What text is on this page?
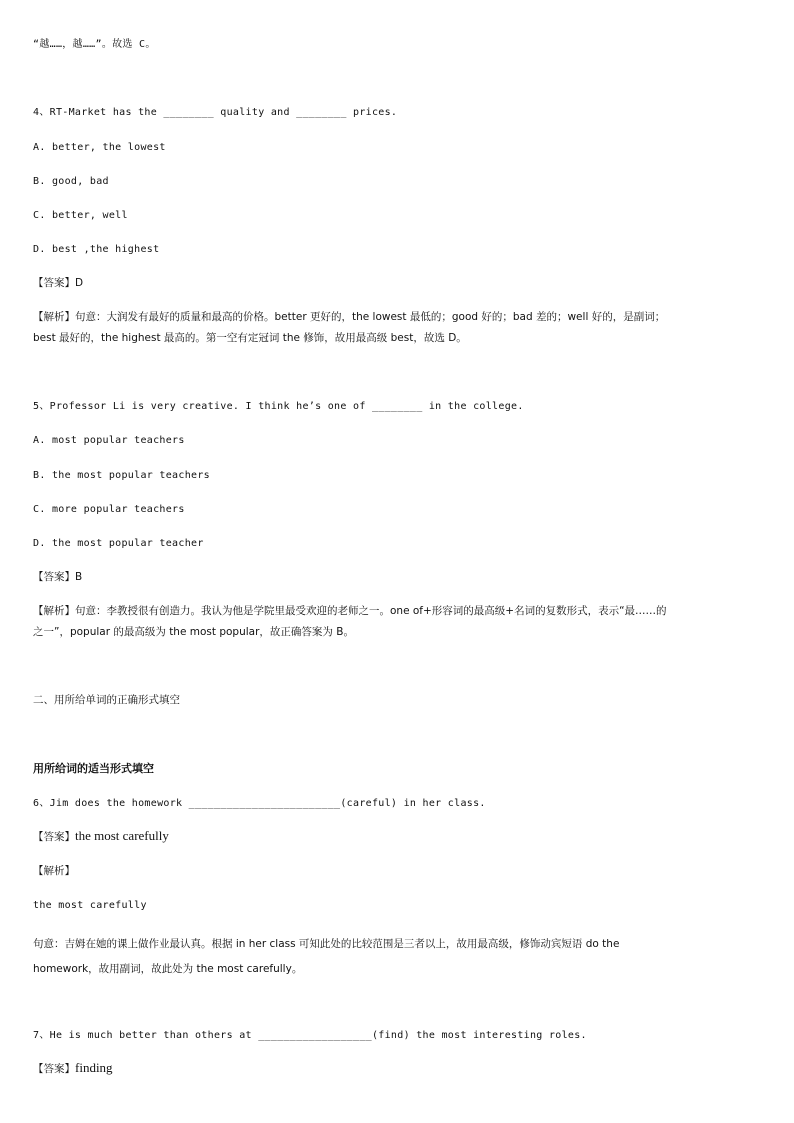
“越……，越……”。故选 C。

4、RT-Market has the ________ quality and ________ prices.

A. better, the lowest

B. good, bad

C. better, well

D. best ,the highest

【答案】D

【解析】句意：大润发有最好的质量和最高的价格。better 更好的，the lowest 最低的；good 好的；bad 差的；well 好的，是副词；

best 最好的，the highest 最高的。第一空有定冠词 the 修饰，故用最高级 best，故选 D。

5、Professor Li is very creative. I think he’s one of ________ in the college.

A. most popular teachers

B. the most popular teachers

C. more popular teachers

D. the most popular teacher

【答案】B

【解析】句意：李教授很有创造力。我认为他是学院里最受欢迎的老师之一。one of+形容词的最高级+名词的复数形式，表示“最……的

之一”，popular 的最高级为 the most popular，故正确答案为 B。

二、用所给单词的正确形式填空

用所给词的适当形式填空

6、Jim does the homework ________________________(careful) in her class.

【答案】the most carefully

【解析】

the most carefully

句意：吉姆在她的课上做作业最认真。根据 in her class 可知此处的比较范围是三者以上，故用最高级，修饰动宾短语 do the

homework，故用副词，故此处为 the most carefully。

7、He is much better than others at __________________(find) the most interesting roles.

【答案】finding
